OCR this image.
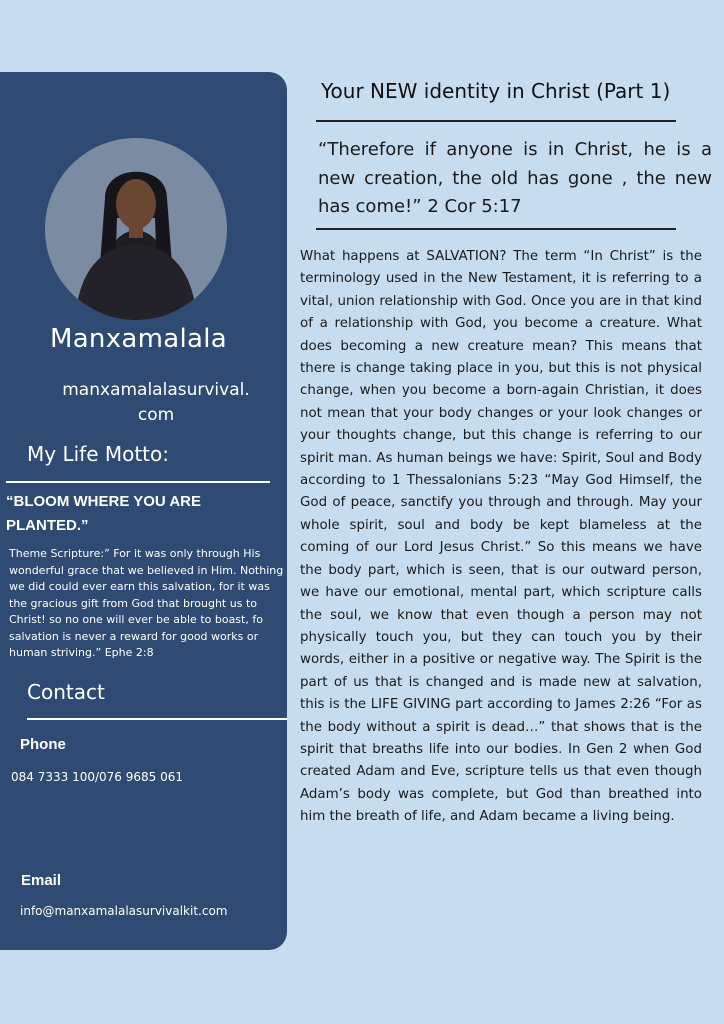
Manxamalala
manxamalalasurvival.
com
My Life Motto:
“BLOOM WHERE YOU ARE PLANTED.”
Theme Scripture:” For it was only through His wonderful grace that we believed in Him. Nothing we did could ever earn this salvation, for it was the gracious gift from God that brought us to Christ! so no one will ever be able to boast, fo salvation is never a reward for good works or human striving.” Ephe 2:8
Contact
Phone
084 7333 100/076 9685 061
Email
info@manxamalalasurvivalkit.com
Your NEW identity in Christ (Part 1)
“Therefore if anyone is in Christ, he is a new creation, the old has gone , the new has come!” 2 Cor 5:17
What happens at SALVATION? The term “In Christ” is the terminology used in the New Testament, it is referring to a vital, union relationship with God. Once you are in that kind of a relationship with God, you become a creature. What does becoming a new creature mean? This means that there is change taking place in you, but this is not physical change, when you become a born-again Christian, it does not mean that your body changes or your look changes or your thoughts change, but this change is referring to our spirit man. As human beings we have: Spirit, Soul and Body according to 1 Thessalonians 5:23 “May God Himself, the God of peace, sanctify you through and through. May your whole spirit, soul and body be kept blameless at the coming of our Lord Jesus Christ.” So this means we have the body part, which is seen, that is our outward person, we have our emotional, mental part, which scripture calls the soul, we know that even though a person may not physically touch you, but they can touch you by their words, either in a positive or negative way. The Spirit is the part of us that is changed and is made new at salvation, this is the LIFE GIVING part according to James 2:26 “For as the body without a spirit is dead…” that shows that is the spirit that breaths life into our bodies. In Gen 2 when God created Adam and Eve, scripture tells us that even though Adam’s body was complete, but God than breathed into him the breath of life, and Adam became a living being.
